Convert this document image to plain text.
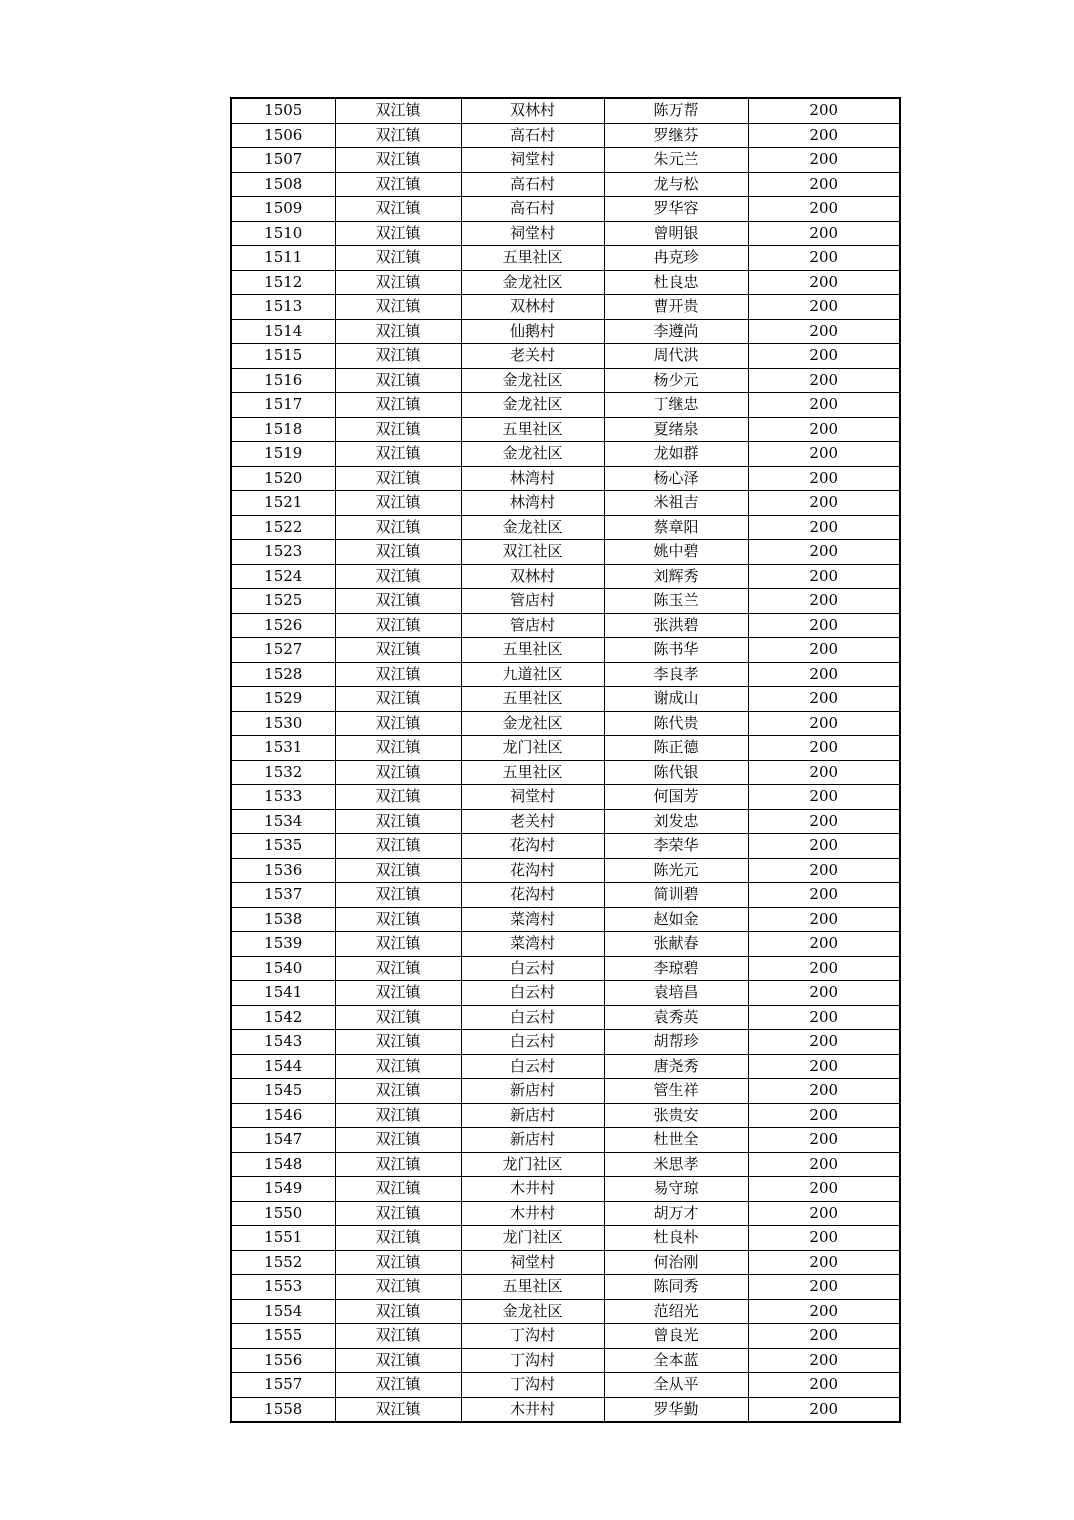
1505	双江镇	双林村	陈万帮	200
1506	双江镇	高石村	罗继芬	200
1507	双江镇	祠堂村	朱元兰	200
1508	双江镇	高石村	龙与松	200
1509	双江镇	高石村	罗华容	200
1510	双江镇	祠堂村	曾明银	200
1511	双江镇	五里社区	冉克珍	200
1512	双江镇	金龙社区	杜良忠	200
1513	双江镇	双林村	曹开贵	200
1514	双江镇	仙鹅村	李遵尚	200
1515	双江镇	老关村	周代洪	200
1516	双江镇	金龙社区	杨少元	200
1517	双江镇	金龙社区	丁继忠	200
1518	双江镇	五里社区	夏绪泉	200
1519	双江镇	金龙社区	龙如群	200
1520	双江镇	林湾村	杨心泽	200
1521	双江镇	林湾村	米祖吉	200
1522	双江镇	金龙社区	蔡章阳	200
1523	双江镇	双江社区	姚中碧	200
1524	双江镇	双林村	刘辉秀	200
1525	双江镇	管店村	陈玉兰	200
1526	双江镇	管店村	张洪碧	200
1527	双江镇	五里社区	陈书华	200
1528	双江镇	九道社区	李良孝	200
1529	双江镇	五里社区	谢成山	200
1530	双江镇	金龙社区	陈代贵	200
1531	双江镇	龙门社区	陈正德	200
1532	双江镇	五里社区	陈代银	200
1533	双江镇	祠堂村	何国芳	200
1534	双江镇	老关村	刘发忠	200
1535	双江镇	花沟村	李荣华	200
1536	双江镇	花沟村	陈光元	200
1537	双江镇	花沟村	简训碧	200
1538	双江镇	菜湾村	赵如金	200
1539	双江镇	菜湾村	张献春	200
1540	双江镇	白云村	李琼碧	200
1541	双江镇	白云村	袁培昌	200
1542	双江镇	白云村	袁秀英	200
1543	双江镇	白云村	胡帮珍	200
1544	双江镇	白云村	唐尧秀	200
1545	双江镇	新店村	管生祥	200
1546	双江镇	新店村	张贵安	200
1547	双江镇	新店村	杜世全	200
1548	双江镇	龙门社区	米思孝	200
1549	双江镇	木井村	易守琼	200
1550	双江镇	木井村	胡万才	200
1551	双江镇	龙门社区	杜良朴	200
1552	双江镇	祠堂村	何治刚	200
1553	双江镇	五里社区	陈同秀	200
1554	双江镇	金龙社区	范绍光	200
1555	双江镇	丁沟村	曾良光	200
1556	双江镇	丁沟村	全本蓝	200
1557	双江镇	丁沟村	全从平	200
1558	双江镇	木井村	罗华勤	200
